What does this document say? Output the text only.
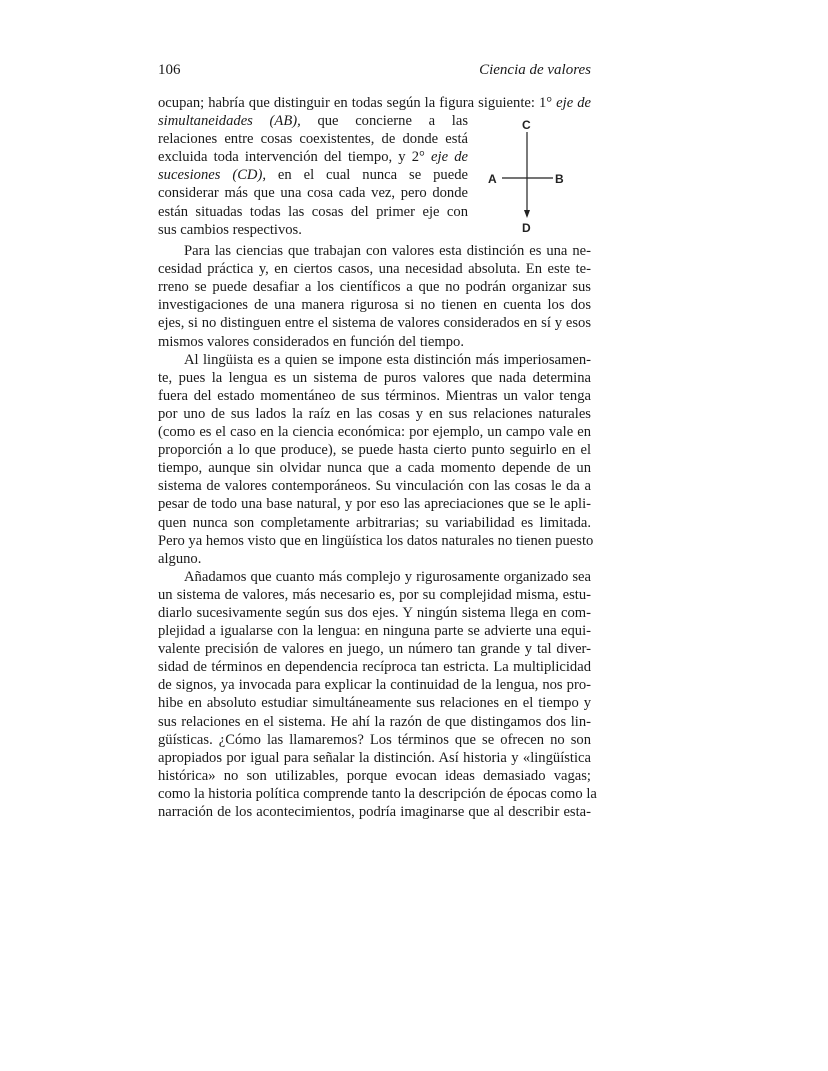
106	Ciencia de valores
ocupan; habría que distinguir en todas según la figura siguiente: 1° eje de
simultaneidades (AB), que concierne a las
relaciones entre cosas coexistentes, de donde está
excluida toda intervención del tiempo, y 2° eje de
sucesiones (CD), en el cual nunca se puede
considerar más que una cosa cada vez, pero donde
están situadas todas las cosas del primer eje con
sus cambios respectivos.
C
A	B
D
Para las ciencias que trabajan con valores esta distinción es una ne-
cesidad práctica y, en ciertos casos, una necesidad absoluta. En este te-
rreno se puede desafiar a los científicos a que no podrán organizar sus
investigaciones de una manera rigurosa si no tienen en cuenta los dos
ejes, si no distinguen entre el sistema de valores considerados en sí y esos
mismos valores considerados en función del tiempo.
Al lingüista es a quien se impone esta distinción más imperiosamen-
te, pues la lengua es un sistema de puros valores que nada determina
fuera del estado momentáneo de sus términos. Mientras un valor tenga
por uno de sus lados la raíz en las cosas y en sus relaciones naturales
(como es el caso en la ciencia económica: por ejemplo, un campo vale en
proporción a lo que produce), se puede hasta cierto punto seguirlo en el
tiempo, aunque sin olvidar nunca que a cada momento depende de un
sistema de valores contemporáneos. Su vinculación con las cosas le da a
pesar de todo una base natural, y por eso las apreciaciones que se le apli-
quen nunca son completamente arbitrarias; su variabilidad es limitada.
Pero ya hemos visto que en lingüística los datos naturales no tienen puesto
alguno.
Añadamos que cuanto más complejo y rigurosamente organizado sea
un sistema de valores, más necesario es, por su complejidad misma, estu-
diarlo sucesivamente según sus dos ejes. Y ningún sistema llega en com-
plejidad a igualarse con la lengua: en ninguna parte se advierte una equi-
valente precisión de valores en juego, un número tan grande y tal diver-
sidad de términos en dependencia recíproca tan estricta. La multiplicidad
de signos, ya invocada para explicar la continuidad de la lengua, nos pro-
hibe en absoluto estudiar simultáneamente sus relaciones en el tiempo y
sus relaciones en el sistema. He ahí la razón de que distingamos dos lin-
güísticas. ¿Cómo las llamaremos? Los términos que se ofrecen no son
apropiados por igual para señalar la distinción. Así historia y «lingüística
histórica» no son utilizables, porque evocan ideas demasiado vagas;
como la historia política comprende tanto la descripción de épocas como la
narración de los acontecimientos, podría imaginarse que al describir esta-
